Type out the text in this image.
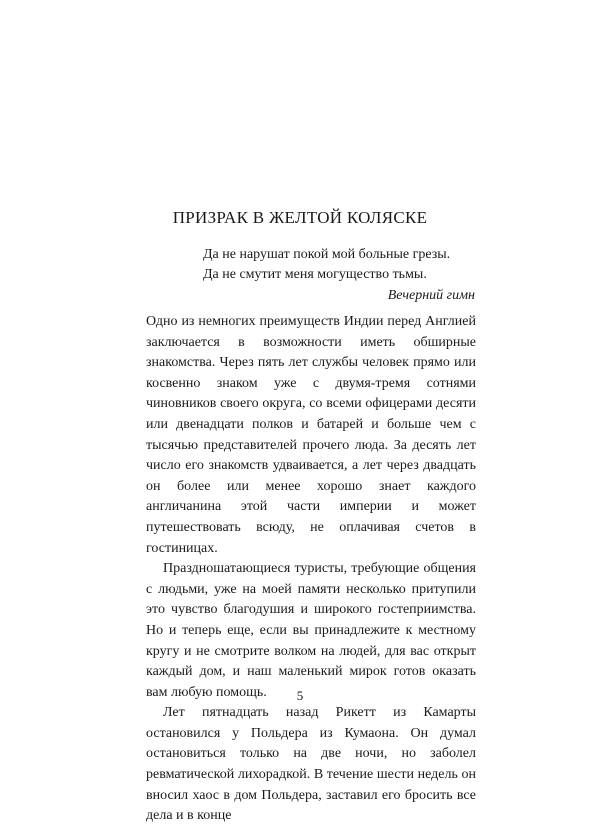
ПРИЗРАК В ЖЕЛТОЙ КОЛЯСКЕ
Да не нарушат покой мой больные грезы.
Да не смутит меня могущество тьмы.
Вечерний гимн

Одно из немногих преимуществ Индии перед Англией заключается в возможности иметь обширные знакомства. Через пять лет службы человек прямо или косвенно знаком уже с двумя-тремя сотнями чиновников своего округа, со всеми офицерами десяти или двенадцати полков и батарей и больше чем с тысячью представителей прочего люда. За десять лет число его знакомств удваивается, а лет через двадцать он более или менее хорошо знает каждого англичанина этой части империи и может путешествовать всюду, не оплачивая счетов в гостиницах.

Праздношатающиеся туристы, требующие общения с людьми, уже на моей памяти несколько притупили это чувство благодушия и широкого гостеприимства. Но и теперь еще, если вы принадлежите к местному кругу и не смотрите волком на людей, для вас открыт каждый дом, и наш маленький мирок готов оказать вам любую помощь.

Лет пятнадцать назад Рикетт из Камарты остановился у Польдера из Кумаона. Он думал остановиться только на две ночи, но заболел ревматической лихорадкой. В течение шести недель он вносил хаос в дом Польдера, заставил его бросить все дела и в конце

5
